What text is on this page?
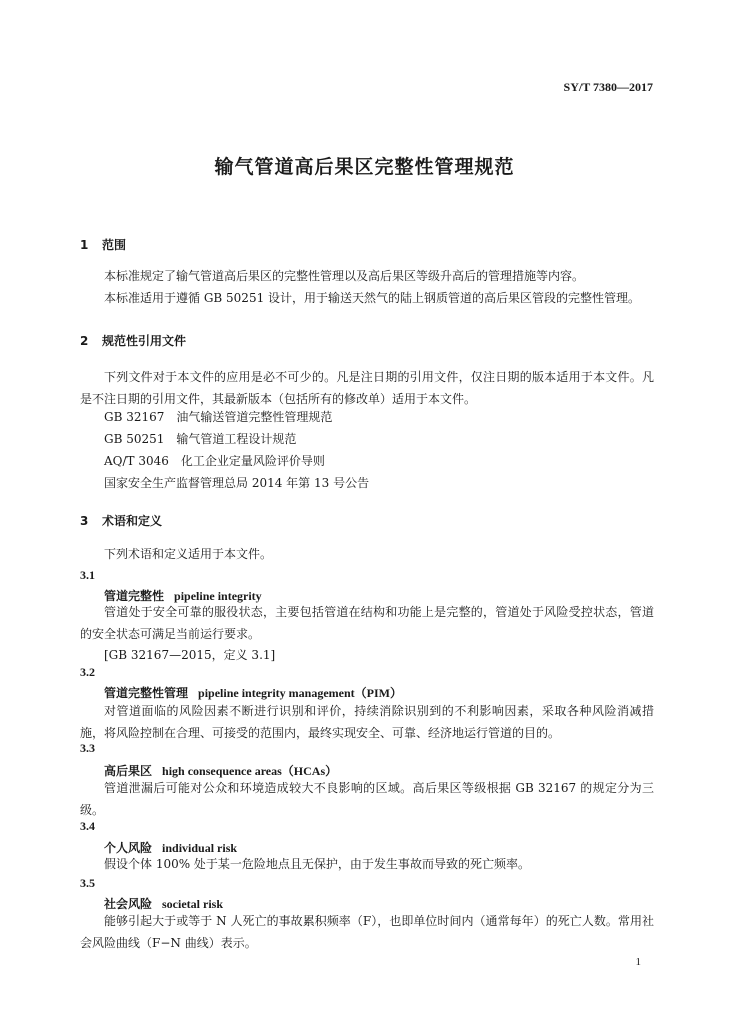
SY/T 7380—2017
输气管道高后果区完整性管理规范
1 范围
本标准规定了输气管道高后果区的完整性管理以及高后果区等级升高后的管理措施等内容。
本标准适用于遵循 GB 50251 设计，用于输送天然气的陆上钢质管道的高后果区管段的完整性管理。
2 规范性引用文件
下列文件对于本文件的应用是必不可少的。凡是注日期的引用文件，仅注日期的版本适用于本文件。凡是不注日期的引用文件，其最新版本（包括所有的修改单）适用于本文件。
GB 32167　油气输送管道完整性管理规范
GB 50251　输气管道工程设计规范
AQ/T 3046　化工企业定量风险评价导则
国家安全生产监督管理总局 2014 年第 13 号公告
3 术语和定义
下列术语和定义适用于本文件。
3.1
管道完整性 pipeline integrity
管道处于安全可靠的服役状态，主要包括管道在结构和功能上是完整的，管道处于风险受控状态，管道的安全状态可满足当前运行要求。
[GB 32167—2015，定义 3.1]
3.2
管道完整性管理 pipeline integrity management（PIM）
对管道面临的风险因素不断进行识别和评价，持续消除识别到的不利影响因素，采取各种风险消减措施，将风险控制在合理、可接受的范围内，最终实现安全、可靠、经济地运行管道的目的。
3.3
高后果区 high consequence areas（HCAs）
管道泄漏后可能对公众和环境造成较大不良影响的区域。高后果区等级根据 GB 32167 的规定分为三级。
3.4
个人风险 individual risk
假设个体 100% 处于某一危险地点且无保护，由于发生事故而导致的死亡频率。
3.5
社会风险 societal risk
能够引起大于或等于 N 人死亡的事故累积频率（F），也即单位时间内（通常每年）的死亡人数。常用社会风险曲线（F−N 曲线）表示。
1
